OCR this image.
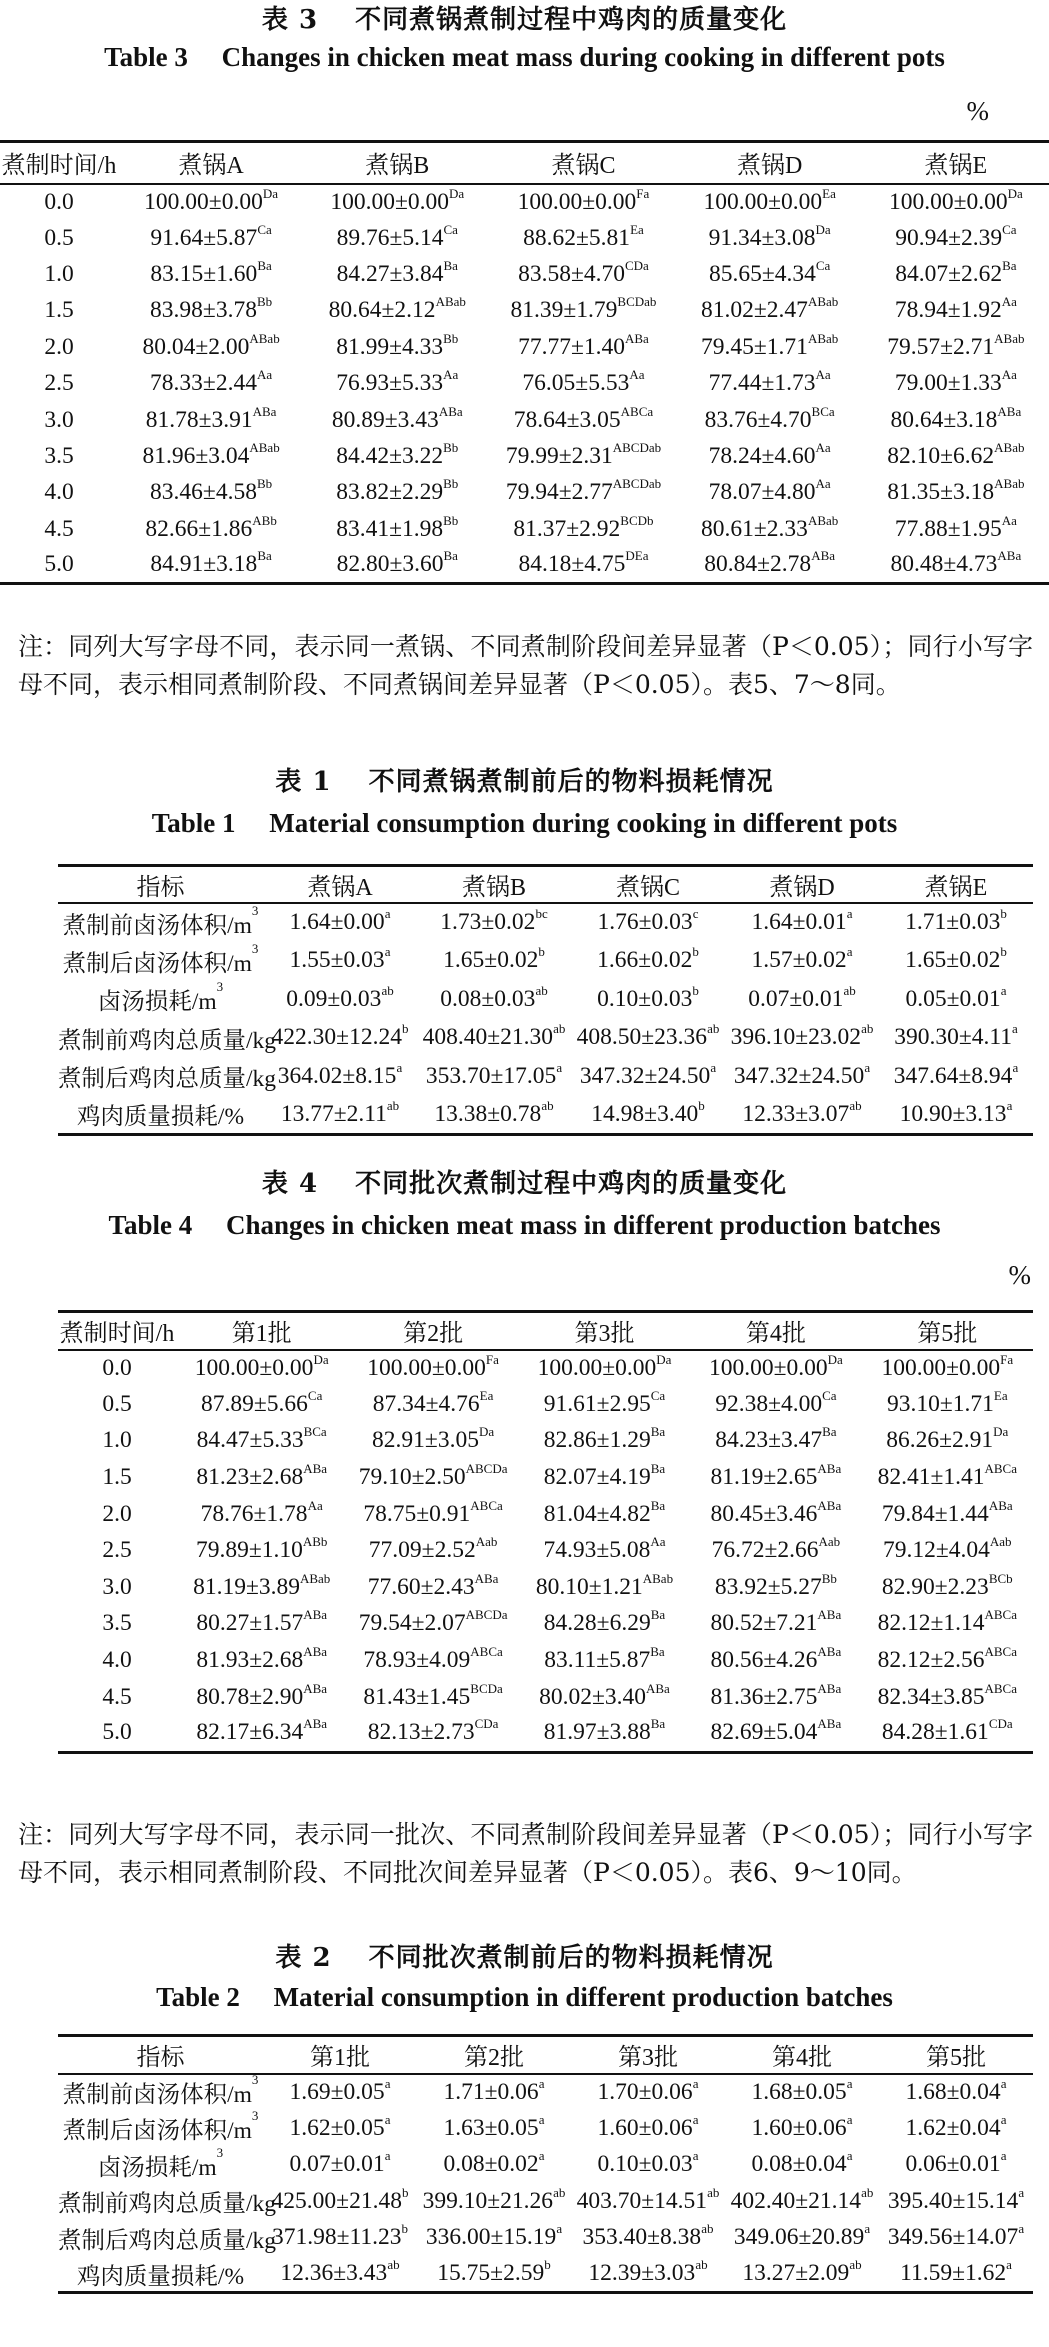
表 3　 不同煮锅煮制过程中鸡肉的质量变化
Table 3　 Changes in chicken meat mass during cooking in different pots
%
煮制时间/h	煮锅A	煮锅B	煮锅C	煮锅D	煮锅E
0.0	$100.00\pm 0.00^{Da}$	$100.00\pm 0.00^{Da}$	$100.00\pm 0.00^{Fa}$	$100.00\pm 0.00^{Ea}$	$100.00\pm 0.00^{Da}$
0.5	$91.64\pm 5.87^{Ca}$	$89.76\pm 5.14^{Ca}$	$88.62\pm 5.81^{Ea}$	$91.34\pm 3.08^{Da}$	$90.94\pm 2.39^{Ca}$
1.0	$83.15\pm 1.60^{Ba}$	$84.27\pm 3.84^{Ba}$	$83.58\pm 4.70^{CDa}$	$85.65\pm 4.34^{Ca}$	$84.07\pm 2.62^{Ba}$
1.5	$83.98\pm 3.78^{Bb}$	$80.64\pm 2.12^{ABab}$	$81.39\pm 1.79^{BCDab}$	$81.02\pm 2.47^{ABab}$	$78.94\pm 1.92^{Aa}$
2.0	$80.04\pm 2.00^{ABab}$	$81.99\pm 4.33^{Bb}$	$77.77\pm 1.40^{ABa}$	$79.45\pm 1.71^{ABab}$	$79.57\pm 2.71^{ABab}$
2.5	$78.33\pm 2.44^{Aa}$	$76.93\pm 5.33^{Aa}$	$76.05\pm 5.53^{Aa}$	$77.44\pm 1.73^{Aa}$	$79.00\pm 1.33^{Aa}$
3.0	$81.78\pm 3.91^{ABa}$	$80.89\pm 3.43^{ABa}$	$78.64\pm 3.05^{ABCa}$	$83.76\pm 4.70^{BCa}$	$80.64\pm 3.18^{ABa}$
3.5	$81.96\pm 3.04^{ABab}$	$84.42\pm 3.22^{Bb}$	$79.99\pm 2.31^{ABCDab}$	$78.24\pm 4.60^{Aa}$	$82.10\pm 6.62^{ABab}$
4.0	$83.46\pm 4.58^{Bb}$	$83.82\pm 2.29^{Bb}$	$79.94\pm 2.77^{ABCDab}$	$78.07\pm 4.80^{Aa}$	$81.35\pm 3.18^{ABab}$
4.5	$82.66\pm 1.86^{ABb}$	$83.41\pm 1.98^{Bb}$	$81.37\pm 2.92^{BCDb}$	$80.61\pm 2.33^{ABab}$	$77.88\pm 1.95^{Aa}$
5.0	$84.91\pm 3.18^{Ba}$	$82.80\pm 3.60^{Ba}$	$84.18\pm 4.75^{DEa}$	$80.84\pm 2.78^{ABa}$	$80.48\pm 4.73^{ABa}$
注：同列大写字母不同，表示同一煮锅、不同煮制阶段间差异显著（P＜0.05）；同行小写字母不同，表示相同煮制阶段、不同煮锅间差异显著（P＜0.05）。表5、7～8同。
表 1　 不同煮锅煮制前后的物料损耗情况
Table 1　 Material consumption during cooking in different pots
指标	煮锅A	煮锅B	煮锅C	煮锅D	煮锅E
煮制前卤汤体积$/m^3$	1.64±0.00$^a$	1.73±0.02$^{bc}$	1.76±0.03$^c$	1.64±0.01$^a$	1.71±0.03$^b$
煮制后卤汤体积$/m^3$	1.55±0.03$^a$	1.65±0.02$^b$	1.66±0.02$^b$	1.57±0.02$^a$	1.65±0.02$^b$
卤汤损耗$/m^3$	0.09±0.03$^{ab}$	0.08±0.03$^{ab}$	0.10±0.03$^b$	0.07±0.01$^{ab}$	0.05±0.01$^a$
煮制前鸡肉总质量/kg	422.30±12.24$^b$	408.40±21.30$^{ab}$	408.50±23.36$^{ab}$	396.10±23.02$^{ab}$	390.30±4.11$^a$
煮制后鸡肉总质量/kg	364.02±8.15$^a$	353.70±17.05$^a$	347.32±24.50$^a$	347.32±24.50$^a$	347.64±8.94$^a$
鸡肉质量损耗/%	13.77±2.11$^{ab}$	13.38±0.78$^{ab}$	14.98±3.40$^b$	12.33±3.07$^{ab}$	10.90±3.13$^a$
表 4　 不同批次煮制过程中鸡肉的质量变化
Table 4　 Changes in chicken meat mass in different production batches
%
煮制时间/h	第1批	第2批	第3批	第4批	第5批
0.0	$100.00\pm 0.00^{Da}$	$100.00\pm 0.00^{Fa}$	$100.00\pm 0.00^{Da}$	$100.00\pm 0.00^{Da}$	$100.00\pm 0.00^{Fa}$
0.5	$87.89\pm 5.66^{Ca}$	$87.34\pm 4.76^{Ea}$	$91.61\pm 2.95^{Ca}$	$92.38\pm 4.00^{Ca}$	$93.10\pm 1.71^{Ea}$
1.0	$84.47\pm 5.33^{BCa}$	$82.91\pm 3.05^{Da}$	$82.86\pm 1.29^{Ba}$	$84.23\pm 3.47^{Ba}$	$86.26\pm 2.91^{Da}$
1.5	$81.23\pm 2.68^{ABa}$	$79.10\pm 2.50^{ABCDa}$	$82.07\pm 4.19^{Ba}$	$81.19\pm 2.65^{ABa}$	$82.41\pm 1.41^{ABCa}$
2.0	$78.76\pm 1.78^{Aa}$	$78.75\pm 0.91^{ABCa}$	$81.04\pm 4.82^{Ba}$	$80.45\pm 3.46^{ABa}$	$79.84\pm 1.44^{ABa}$
2.5	$79.89\pm 1.10^{ABb}$	$77.09\pm 2.52^{Aab}$	$74.93\pm 5.08^{Aa}$	$76.72\pm 2.66^{Aab}$	$79.12\pm 4.04^{Aab}$
3.0	$81.19\pm 3.89^{ABab}$	$77.60\pm 2.43^{ABa}$	$80.10\pm 1.21^{ABab}$	$83.92\pm 5.27^{Bb}$	$82.90\pm 2.23^{BCb}$
3.5	$80.27\pm 1.57^{ABa}$	$79.54\pm 2.07^{ABCDa}$	$84.28\pm 6.29^{Ba}$	$80.52\pm 7.21^{ABa}$	$82.12\pm 1.14^{ABCa}$
4.0	$81.93\pm 2.68^{ABa}$	$78.93\pm 4.09^{ABCa}$	$83.11\pm 5.87^{Ba}$	$80.56\pm 4.26^{ABa}$	$82.12\pm 2.56^{ABCa}$
4.5	$80.78\pm 2.90^{ABa}$	$81.43\pm 1.45^{BCDa}$	$80.02\pm 3.40^{ABa}$	$81.36\pm 2.75^{ABa}$	$82.34\pm 3.85^{ABCa}$
5.0	$82.17\pm 6.34^{ABa}$	$82.13\pm 2.73^{CDa}$	$81.97\pm 3.88^{Ba}$	$82.69\pm 5.04^{ABa}$	$84.28\pm 1.61^{CDa}$
注：同列大写字母不同，表示同一批次、不同煮制阶段间差异显著（P＜0.05）；同行小写字母不同，表示相同煮制阶段、不同批次间差异显著（P＜0.05）。表6、9～10同。
表 2　 不同批次煮制前后的物料损耗情况
Table 2　 Material consumption in different production batches
指标	第1批	第2批	第3批	第4批	第5批
煮制前卤汤体积$/m^3$	1.69±0.05$^a$	1.71±0.06$^a$	1.70±0.06$^a$	1.68±0.05$^a$	1.68±0.04$^a$
煮制后卤汤体积$/m^3$	1.62±0.05$^a$	1.63±0.05$^a$	1.60±0.06$^a$	1.60±0.06$^a$	1.62±0.04$^a$
卤汤损耗$/m^3$	0.07±0.01$^a$	0.08±0.02$^a$	0.10±0.03$^a$	0.08±0.04$^a$	0.06±0.01$^a$
煮制前鸡肉总质量/kg	425.00±21.48$^b$	399.10±21.26$^{ab}$	403.70±14.51$^{ab}$	402.40±21.14$^{ab}$	395.40±15.14$^a$
煮制后鸡肉总质量/kg	371.98±11.23$^b$	336.00±15.19$^a$	353.40±8.38$^{ab}$	349.06±20.89$^a$	349.56±14.07$^a$
鸡肉质量损耗/%	12.36±3.43$^{ab}$	15.75±2.59$^b$	12.39±3.03$^{ab}$	13.27±2.09$^{ab}$	11.59±1.62$^a$
